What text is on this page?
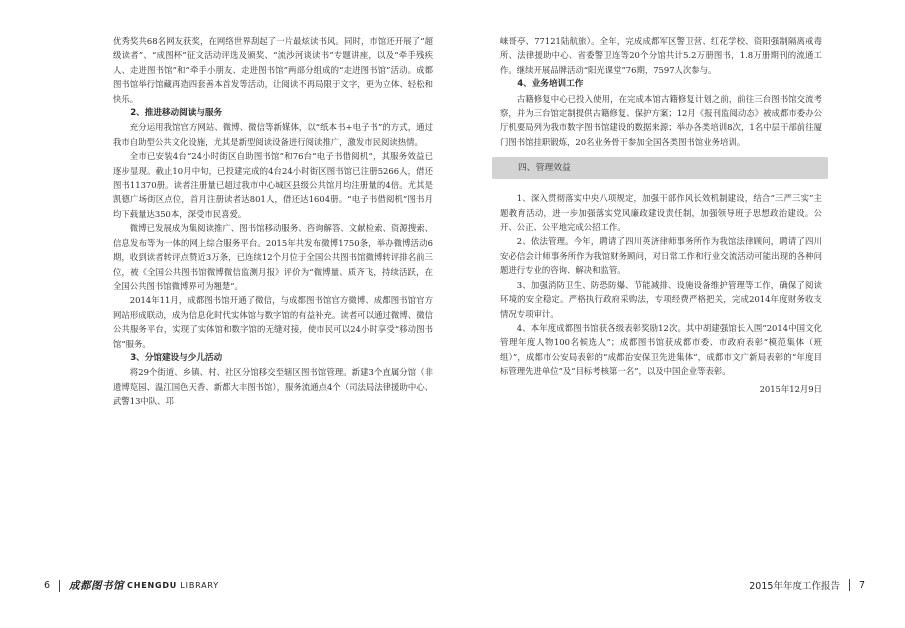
优秀奖共68名网友获奖，在网络世界刮起了一片最炫读书风。同时，市馆还开展了“超级读者”、“成图杯”征文活动评选及颁奖、“流沙河谈读书”专题讲座，以及“牵手残疾人、走进图书馆”和“牵手小朋友、走进图书馆”两部分组成的“走进图书馆”活动。成都图书馆举行馆藏再造四套善本首发等活动，让阅读不再局限于文字，更为立体、轻松和快乐。

2、推进移动阅读与服务

充分运用我馆官方网站、微博、微信等新媒体，以“纸本书+电子书”的方式，通过我市自助型公共文化设施，尤其是新型阅读设备进行阅读推广，激发市民阅读热情。

全市已安装4台“24小时街区自助图书馆”和76台“电子书借阅机”，其服务效益已逐步显现。截止10月中旬，已投建完成的4台24小时街区图书馆已注册5266人，借还图书11370册。读者注册量已超过我市中心城区县级公共馆月均注册量的4倍。尤其是凯德广场街区点位，首月注册读者达801人，借还达1604册。“电子书借阅机”图书月均下载量达350本，深受市民喜爱。

微博已发展成为集阅读推广、图书馆移动服务、咨询解答、文献检索、资源搜索、信息发布等为一体的网上综合服务平台。2015年共发布微博1750条，举办微博活动6期，收到读者转评点赞近3万条，已连续12个月位于全国公共图书馆微博转评排名前三位，被《全国公共图书馆微博微信监测月报》评价为“微博量、质齐飞，持续活跃，在全国公共图书馆微博界可为翘楚”。

2014年11月，成都图书馆开通了微信，与成都图书馆官方微博、成都图书馆官方网站形成联动，成为信息化时代实体馆与数字馆的有益补充。读者可以通过微博、微信公共服务平台，实现了实体馆和数字馆的无缝对接，使市民可以24小时享受“移动图书馆”服务。

3、分馆建设与少儿活动

将29个街道、乡镇、村、社区分馆移交至辖区图书馆管理。新建3个直属分馆（非遗博览园、温江国色天香、新都大丰图书馆），服务流通点4个（司法局法律援助中心、武警13中队、邛

崃哥亭、77121陆航旅）。全年，完成成都军区警卫营、红花学校、资阳强制隔离戒毒所、法律援助中心、省委警卫连等20个分馆共计5.2万册图书，1.8万册期刊的流通工作。继续开展品牌活动“阳光课堂”76期，7597人次参与。

4、业务培训工作

古籍修复中心已投入使用，在完成本馆古籍修复计划之前，前往三台图书馆交流考察，并为三台馆定制提供古籍修复、保护方案；12月《报刊监阅动态》被成都市委办公厅机要局列为我市数字图书馆建设的数据来源；举办各类培训8次，1名中层干部前往厦门图书馆挂职锻炼，20名业务骨干参加全国各类图书馆业务培训。

四、管理效益

1、深入贯彻落实中央八项规定，加强干部作风长效机制建设，结合“三严三实”主题教育活动，进一步加强落实党风廉政建设责任制，加强领导班子思想政治建设。公开、公正、公平地完成公招工作。

2、依法管理。今年，聘请了四川英济律师事务所作为我馆法律顾问，聘请了四川安必信会计师事务所作为我馆财务顾问，对日常工作和行业交流活动可能出现的各种问题进行专业的咨询、解决和监管。

3、加强消防卫生、防恐防爆、节能减排、设施设备维护管理等工作，确保了阅读环境的安全稳定。严格执行政府采购法，专项经费严格把关，完成2014年度财务收支情况专项审计。

4、本年度成都图书馆获各级表彰奖励12次。其中胡建强馆长入围“2014中国文化管理年度人物100名候选人”；成都图书馆获成都市委、市政府表彰“模范集体（班组）”，成都市公安局表彰的“成都治安保卫先进集体”，成都市文广新局表彰的“年度目标管理先进单位”及“目标考核第一名”，以及中国企业等表彰。

2015年12月9日
6 成都图书馆 CHENGDU LIBRARY	2015年年度工作报告 7
